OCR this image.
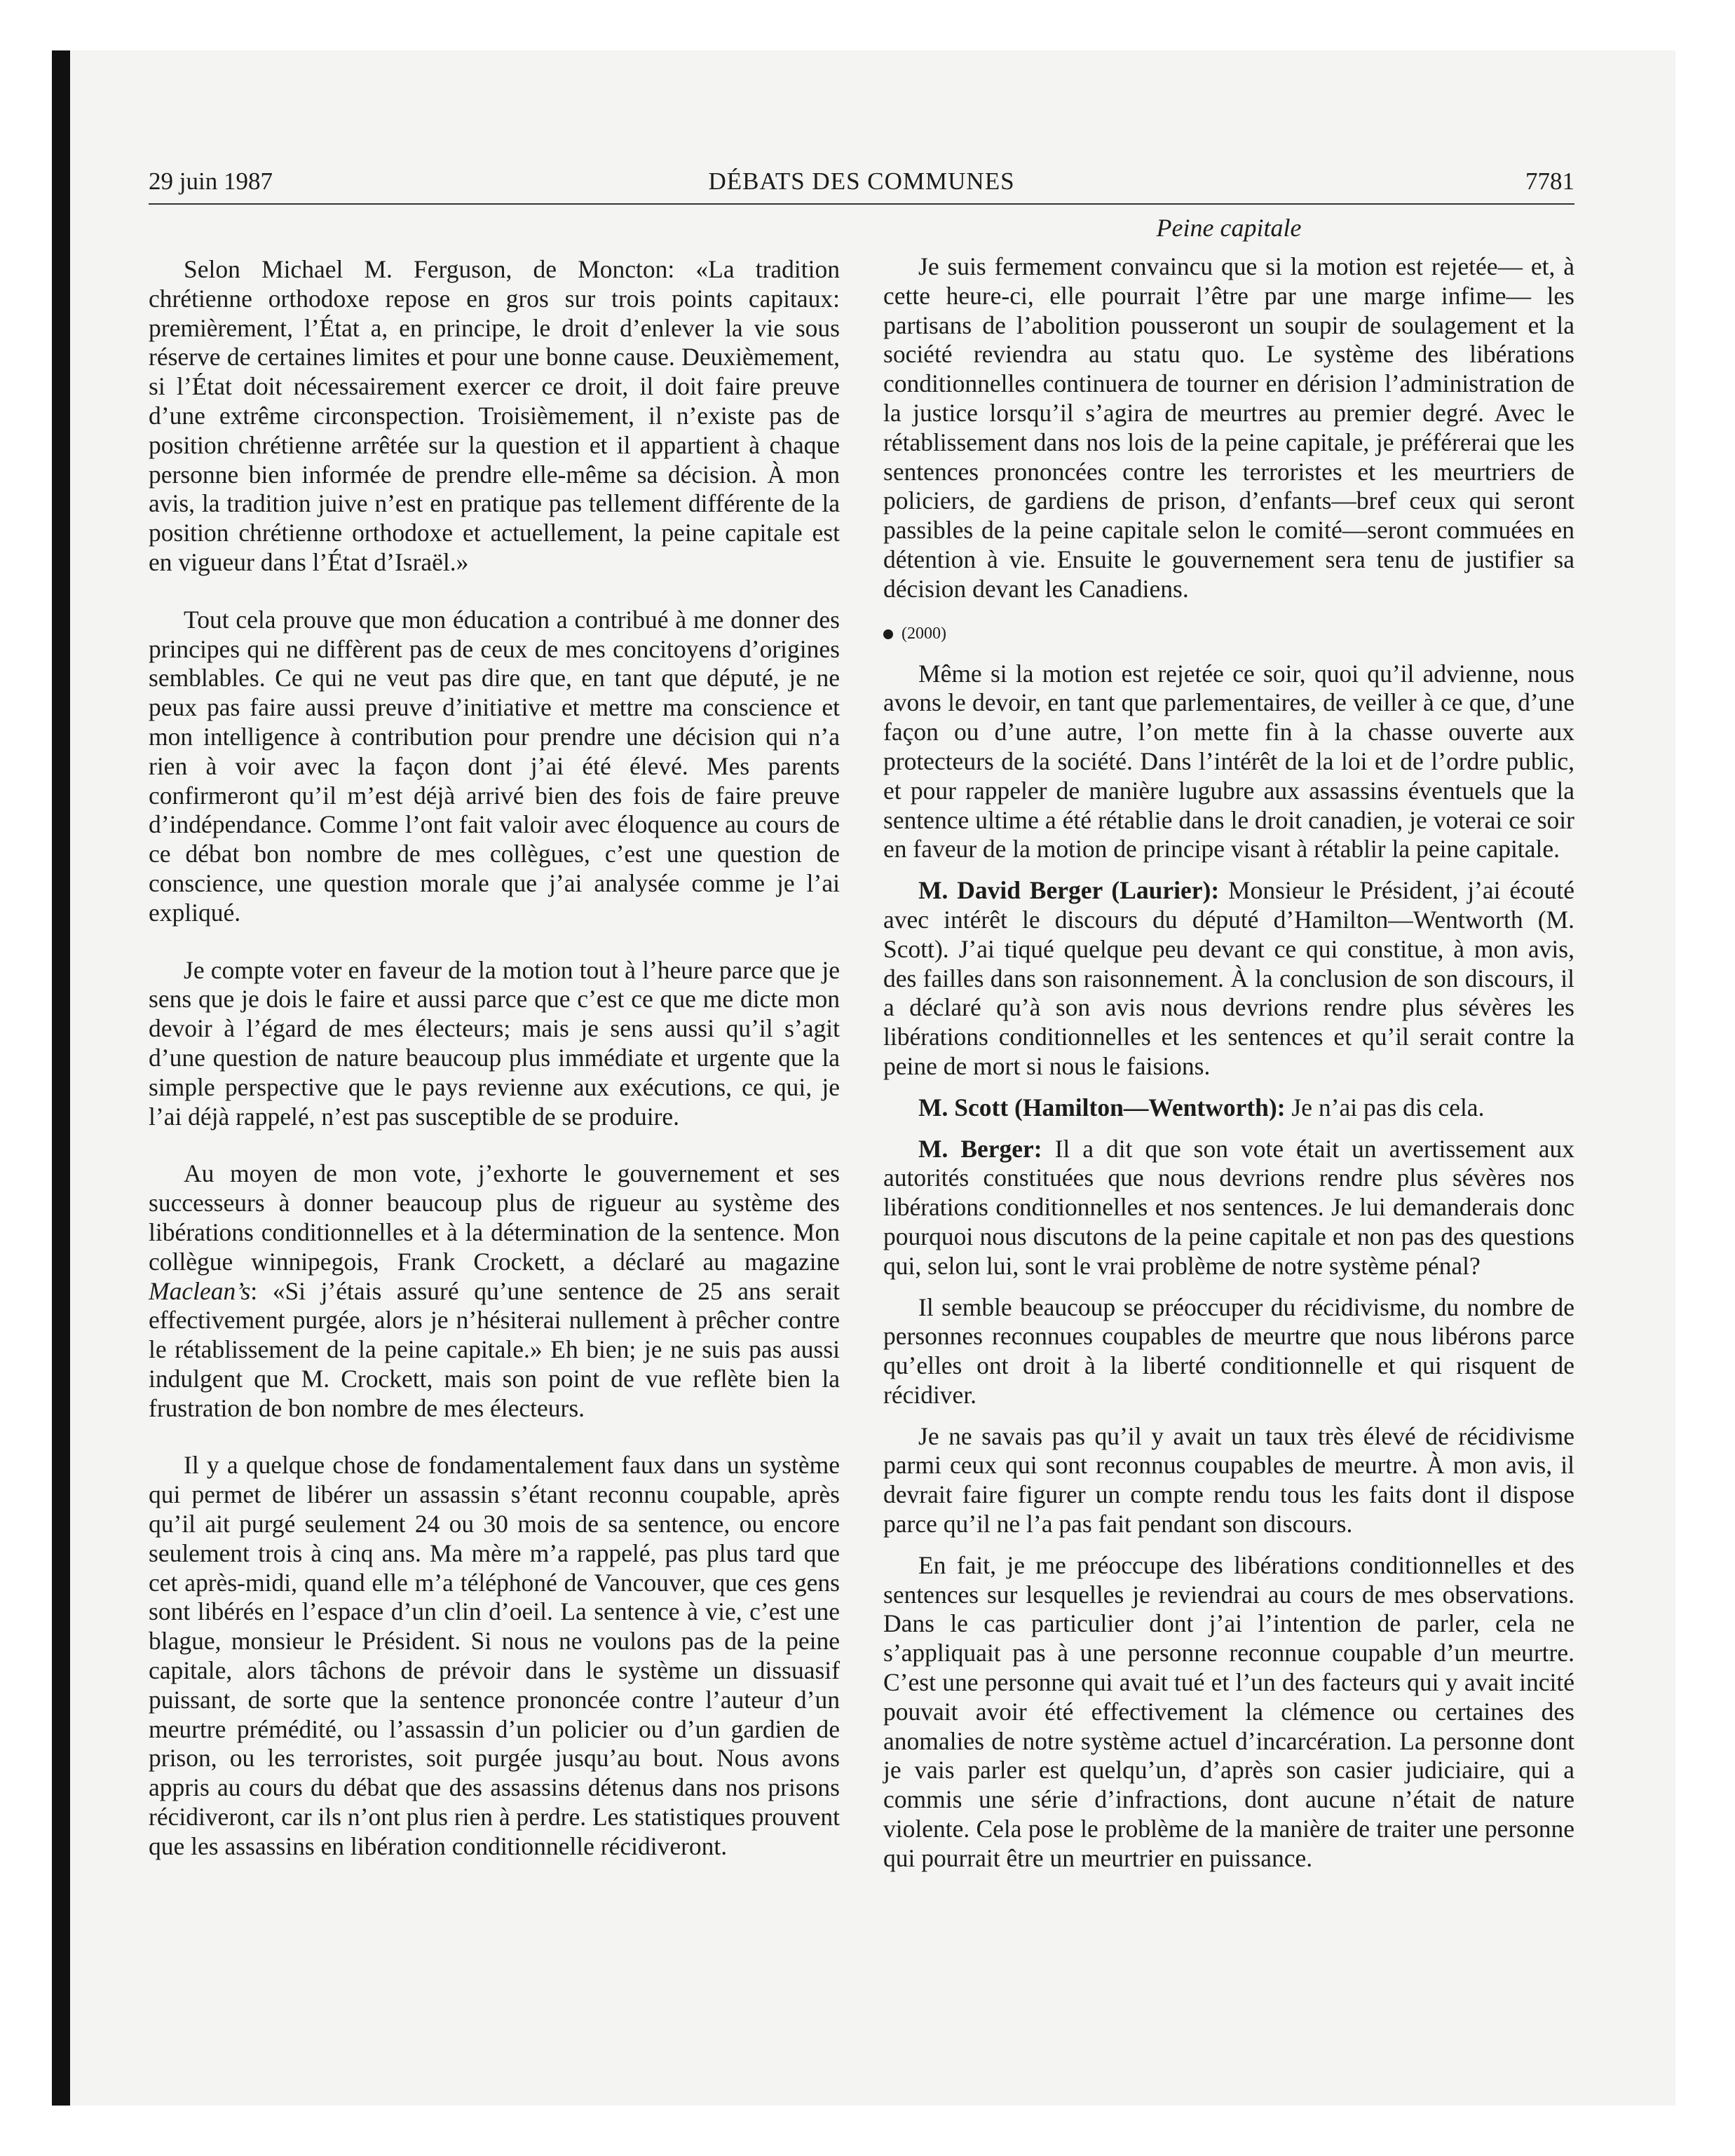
29 juin 1987	DÉBATS DES COMMUNES	7781
Peine capitale

Selon Michael M. Ferguson, de Moncton: «La tradition chrétienne orthodoxe repose en gros sur trois points capitaux: premièrement, l’État a, en principe, le droit d’enlever la vie sous réserve de certaines limites et pour une bonne cause. Deuxièmement, si l’État doit nécessairement exercer ce droit, il doit faire preuve d’une extrême circonspection. Troisièmement, il n’existe pas de position chrétienne arrêtée sur la question et il appartient à chaque personne bien informée de prendre elle-même sa décision. À mon avis, la tradition juive n’est en pratique pas tellement différente de la position chrétienne orthodoxe et actuellement, la peine capitale est en vigueur dans l’État d’Israël.»

Tout cela prouve que mon éducation a contribué à me donner des principes qui ne diffèrent pas de ceux de mes concitoyens d’origines semblables. Ce qui ne veut pas dire que, en tant que député, je ne peux pas faire aussi preuve d’initiative et mettre ma conscience et mon intelligence à contribution pour prendre une décision qui n’a rien à voir avec la façon dont j’ai été élevé. Mes parents confirmeront qu’il m’est déjà arrivé bien des fois de faire preuve d’indépendance. Comme l’ont fait valoir avec éloquence au cours de ce débat bon nombre de mes collègues, c’est une question de conscience, une question morale que j’ai analysée comme je l’ai expliqué.

Je compte voter en faveur de la motion tout à l’heure parce que je sens que je dois le faire et aussi parce que c’est ce que me dicte mon devoir à l’égard de mes électeurs; mais je sens aussi qu’il s’agit d’une question de nature beaucoup plus immédiate et urgente que la simple perspective que le pays revienne aux exécutions, ce qui, je l’ai déjà rappelé, n’est pas susceptible de se produire.

Au moyen de mon vote, j’exhorte le gouvernement et ses successeurs à donner beaucoup plus de rigueur au système des libérations conditionnelles et à la détermination de la sentence. Mon collègue winnipegois, Frank Crockett, a déclaré au magazine Maclean’s: «Si j’étais assuré qu’une sentence de 25 ans serait effectivement purgée, alors je n’hésiterai nullement à prêcher contre le rétablissement de la peine capitale.» Eh bien; je ne suis pas aussi indulgent que M. Crockett, mais son point de vue reflète bien la frustration de bon nombre de mes électeurs.

Il y a quelque chose de fondamentalement faux dans un système qui permet de libérer un assassin s’étant reconnu coupable, après qu’il ait purgé seulement 24 ou 30 mois de sa sentence, ou encore seulement trois à cinq ans. Ma mère m’a rappelé, pas plus tard que cet après-midi, quand elle m’a téléphoné de Vancouver, que ces gens sont libérés en l’espace d’un clin d’oeil. La sentence à vie, c’est une blague, monsieur le Président. Si nous ne voulons pas de la peine capitale, alors tâchons de prévoir dans le système un dissuasif puissant, de sorte que la sentence prononcée contre l’auteur d’un meurtre prémédité, ou l’assassin d’un policier ou d’un gardien de prison, ou les terroristes, soit purgée jusqu’au bout. Nous avons appris au cours du débat que des assassins détenus dans nos prisons récidiveront, car ils n’ont plus rien à perdre. Les statistiques prouvent que les assassins en libération conditionnelle récidiveront.

Je suis fermement convaincu que si la motion est rejetée— et, à cette heure-ci, elle pourrait l’être par une marge infime— les partisans de l’abolition pousseront un soupir de soulagement et la société reviendra au statu quo. Le système des libérations conditionnelles continuera de tourner en dérision l’administration de la justice lorsqu’il s’agira de meurtres au premier degré. Avec le rétablissement dans nos lois de la peine capitale, je préférerai que les sentences prononcées contre les terroristes et les meurtriers de policiers, de gardiens de prison, d’enfants—bref ceux qui seront passibles de la peine capitale selon le comité—seront commuées en détention à vie. Ensuite le gouvernement sera tenu de justifier sa décision devant les Canadiens.

(2000)

Même si la motion est rejetée ce soir, quoi qu’il advienne, nous avons le devoir, en tant que parlementaires, de veiller à ce que, d’une façon ou d’une autre, l’on mette fin à la chasse ouverte aux protecteurs de la société. Dans l’intérêt de la loi et de l’ordre public, et pour rappeler de manière lugubre aux assassins éventuels que la sentence ultime a été rétablie dans le droit canadien, je voterai ce soir en faveur de la motion de principe visant à rétablir la peine capitale.

M. David Berger (Laurier): Monsieur le Président, j’ai écouté avec intérêt le discours du député d’Hamilton—Wentworth (M. Scott). J’ai tiqué quelque peu devant ce qui constitue, à mon avis, des failles dans son raisonnement. À la conclusion de son discours, il a déclaré qu’à son avis nous devrions rendre plus sévères les libérations conditionnelles et les sentences et qu’il serait contre la peine de mort si nous le faisions.

M. Scott (Hamilton—Wentworth): Je n’ai pas dis cela.

M. Berger: Il a dit que son vote était un avertissement aux autorités constituées que nous devrions rendre plus sévères nos libérations conditionnelles et nos sentences. Je lui demanderais donc pourquoi nous discutons de la peine capitale et non pas des questions qui, selon lui, sont le vrai problème de notre système pénal?

Il semble beaucoup se préoccuper du récidivisme, du nombre de personnes reconnues coupables de meurtre que nous libérons parce qu’elles ont droit à la liberté conditionnelle et qui risquent de récidiver.

Je ne savais pas qu’il y avait un taux très élevé de récidivisme parmi ceux qui sont reconnus coupables de meurtre. À mon avis, il devrait faire figurer un compte rendu tous les faits dont il dispose parce qu’il ne l’a pas fait pendant son discours.

En fait, je me préoccupe des libérations conditionnelles et des sentences sur lesquelles je reviendrai au cours de mes observations. Dans le cas particulier dont j’ai l’intention de parler, cela ne s’appliquait pas à une personne reconnue coupable d’un meurtre. C’est une personne qui avait tué et l’un des facteurs qui y avait incité pouvait avoir été effectivement la clémence ou certaines des anomalies de notre système actuel d’incarcération. La personne dont je vais parler est quelqu’un, d’après son casier judiciaire, qui a commis une série d’infractions, dont aucune n’était de nature violente. Cela pose le problème de la manière de traiter une personne qui pourrait être un meurtrier en puissance.
